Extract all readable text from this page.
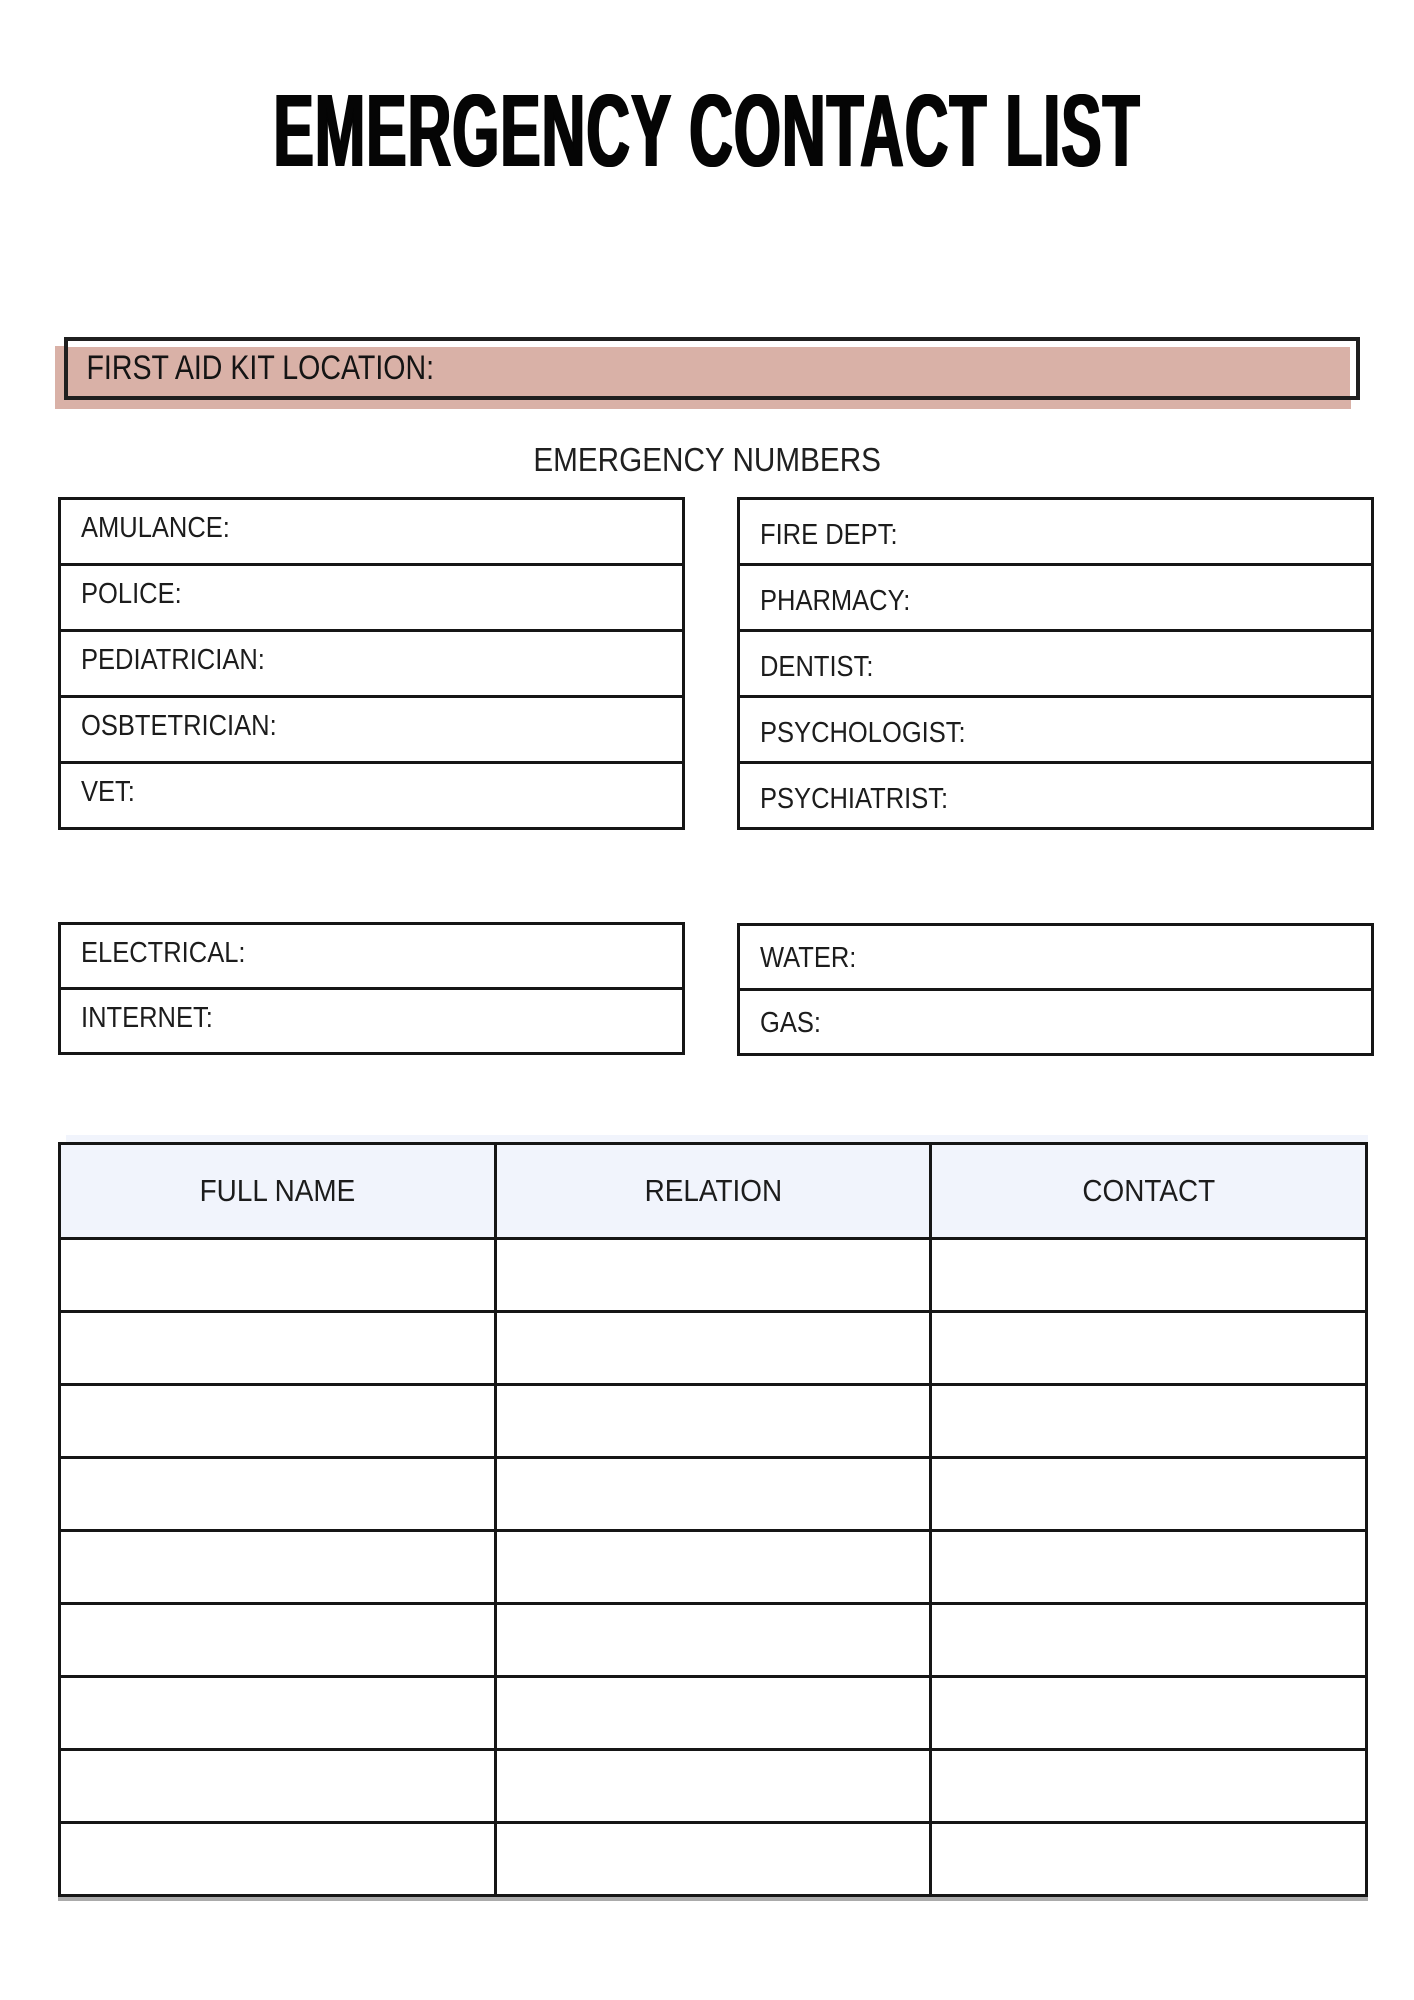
EMERGENCY CONTACT LIST
FIRST AID KIT LOCATION:
EMERGENCY NUMBERS
AMULANCE:
POLICE:
PEDIATRICIAN:
OSBTETRICIAN:
VET:
FIRE DEPT:
PHARMACY:
DENTIST:
PSYCHOLOGIST:
PSYCHIATRIST:
ELECTRICAL:
INTERNET:
WATER:
GAS:
FULL NAME	RELATION	CONTACT
